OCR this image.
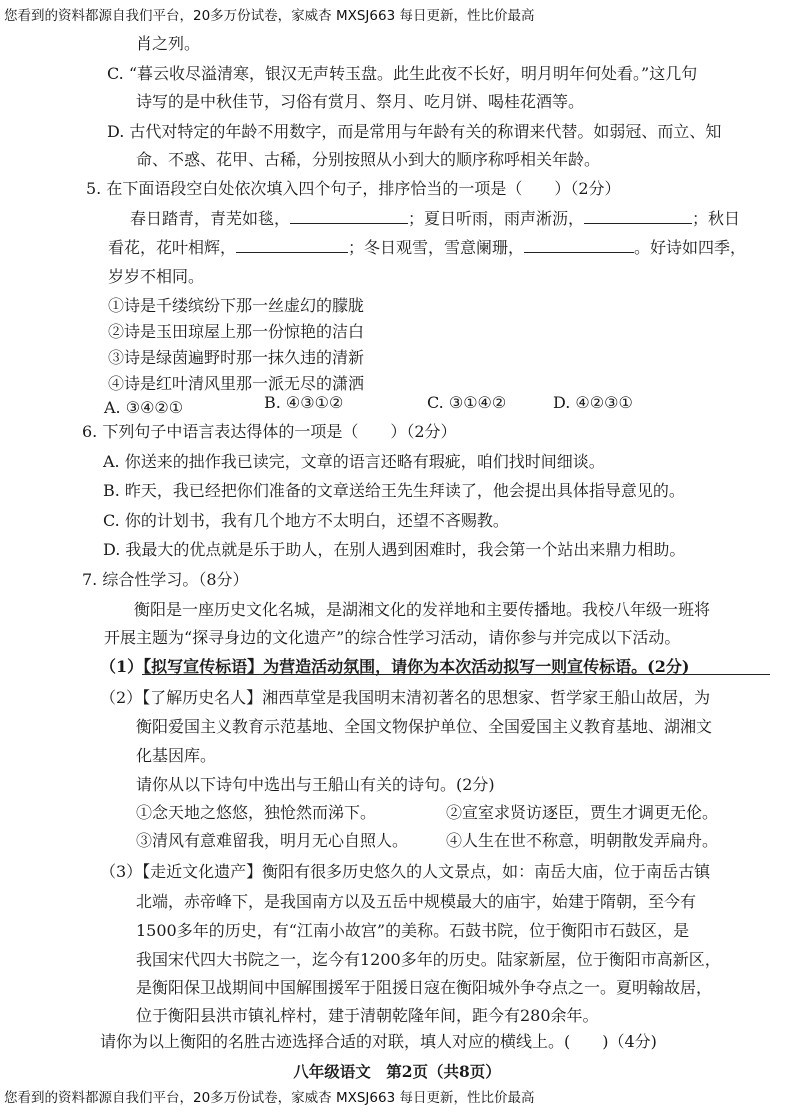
您看到的资料都源自我们平台，20多万份试卷，家威杏 MXSJ663 每日更新，性比价最高
肖之列。
C. “暮云收尽溢清寒，银汉无声转玉盘。此生此夜不长好，明月明年何处看。”这几句
诗写的是中秋佳节，习俗有赏月、祭月、吃月饼、喝桂花酒等。
D. 古代对特定的年龄不用数字，而是常用与年龄有关的称谓来代替。如弱冠、而立、知
命、不惑、花甲、古稀，分别按照从小到大的顺序称呼相关年龄。
5. 在下面语段空白处依次填入四个句子，排序恰当的一项是（　　）（2分）
春日踏青，青芜如毯，	；夏日听雨，雨声淅沥，	；秋日
看花，花叶相辉，	；冬日观雪，雪意阑珊，	。好诗如四季，
岁岁不相同。
①诗是千缕缤纷下那一丝虚幻的朦胧
②诗是玉田琼屋上那一份惊艳的洁白
③诗是绿茵遍野时那一抹久违的清新
④诗是红叶清风里那一派无尽的潇洒
A. ③④②①	B. ④③①②	C. ③①④②	D. ④②③①
6. 下列句子中语言表达得体的一项是（　　）（2分）
A. 你送来的拙作我已读完，文章的语言还略有瑕疵，咱们找时间细谈。
B. 昨天，我已经把你们准备的文章送给王先生拜读了，他会提出具体指导意见的。
C. 你的计划书，我有几个地方不太明白，还望不吝赐教。
D. 我最大的优点就是乐于助人，在别人遇到困难时，我会第一个站出来鼎力相助。
7. 综合性学习。（8分）
衡阳是一座历史文化名城，是湖湘文化的发祥地和主要传播地。我校八年级一班将
开展主题为“探寻身边的文化遗产”的综合性学习活动，请你参与并完成以下活动。
（1）【拟写宣传标语】为营造活动氛围，请你为本次活动拟写一则宣传标语。(2分)
（2）【了解历史名人】湘西草堂是我国明末清初著名的思想家、哲学家王船山故居，为
衡阳爱国主义教育示范基地、全国文物保护单位、全国爱国主义教育基地、湖湘文
化基因库。
请你从以下诗句中选出与王船山有关的诗句。(2分)
①念天地之悠悠，独怆然而涕下。	②宣室求贤访逐臣，贾生才调更无伦。
③清风有意难留我，明月无心自照人。 ④人生在世不称意，明朝散发弄扁舟。
（3）【走近文化遗产】衡阳有很多历史悠久的人文景点，如：南岳大庙，位于南岳古镇
北端，赤帝峰下，是我国南方以及五岳中规模最大的庙宇，始建于隋朝，至今有
1500多年的历史，有“江南小故宫”的美称。石鼓书院，位于衡阳市石鼓区，是
我国宋代四大书院之一，迄今有1200多年的历史。陆家新屋，位于衡阳市高新区，
是衡阳保卫战期间中国解围援军于阻援日寇在衡阳城外争夺点之一。夏明翰故居，
位于衡阳县洪市镇礼梓村，建于清朝乾隆年间，距今有280余年。
请你为以上衡阳的名胜古迹选择合适的对联，填人对应的横线上。(　　)（4分)
八年级语文　第2页（共8页）
您看到的资料都源自我们平台，20多万份试卷，家威杏 MXSJ663 每日更新，性比价最高
